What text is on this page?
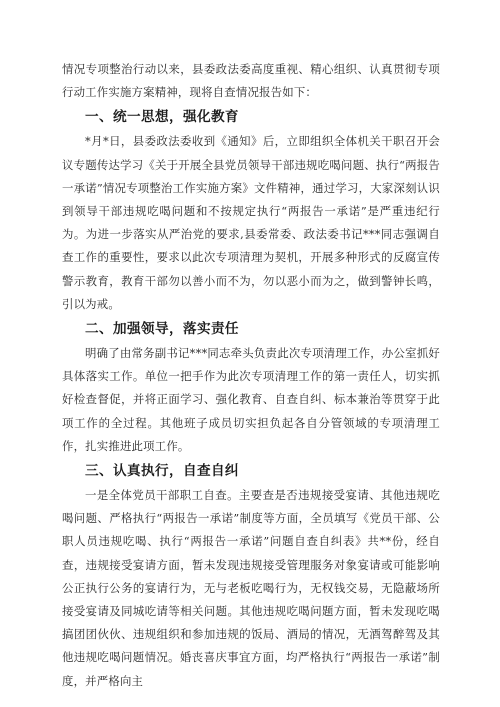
情况专项整治行动以来，县委政法委高度重视、精心组织、认真贯彻专项行动工作实施方案精神，现将自查情况报告如下：

一、统一思想，强化教育

*月*日，县委政法委收到《通知》后，立即组织全体机关干职召开会议专题传达学习《关于开展全县党员领导干部违规吃喝问题、执行“两报告一承诺”情况专项整治工作实施方案》文件精神，通过学习，大家深刻认识到领导干部违规吃喝问题和不按规定执行“两报告一承诺”是严重违纪行为。为进一步落实从严治党的要求,县委常委、政法委书记***同志强调自查工作的重要性，要求以此次专项清理为契机，开展多种形式的反腐宣传警示教育，教育干部勿以善小而不为，勿以恶小而为之，做到警钟长鸣，引以为戒。

二、加强领导，落实责任

明确了由常务副书记***同志牵头负责此次专项清理工作，办公室抓好具体落实工作。单位一把手作为此次专项清理工作的第一责任人，切实抓好检查督促，并将正面学习、强化教育、自查自纠、标本兼治等贯穿于此项工作的全过程。其他班子成员切实担负起各自分管领域的专项清理工作，扎实推进此项工作。

三、认真执行，自查自纠

一是全体党员干部职工自查。主要查是否违规接受宴请、其他违规吃喝问题、严格执行“两报告一承诺”制度等方面，全员填写《党员干部、公职人员违规吃喝、执行“两报告一承诺”问题自查自纠表》共**份，经自查，违规接受宴请方面，暂未发现违规接受管理服务对象宴请或可能影响公正执行公务的宴请行为，无与老板吃喝行为，无权钱交易，无隐蔽场所接受宴请及同城吃请等相关问题。其他违规吃喝问题方面，暂未发现吃喝搞团团伙伙、违规组织和参加违规的饭局、酒局的情况，无酒驾醉驾及其他违规吃喝问题情况。婚丧喜庆事宜方面，均严格执行“两报告一承诺”制度，并严格向主
